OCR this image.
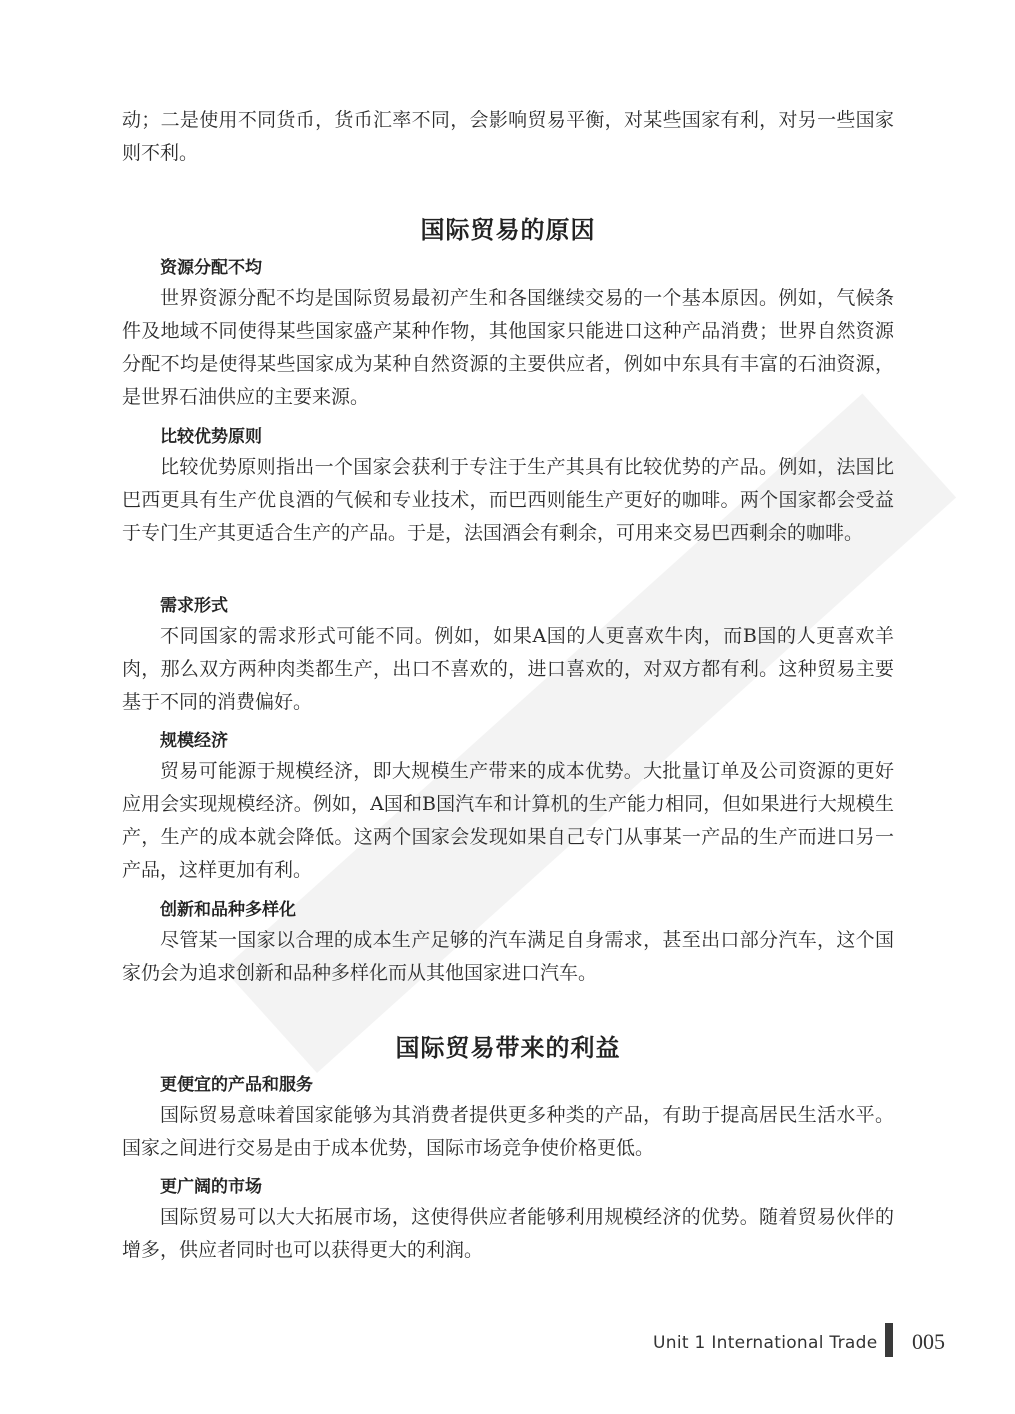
动；二是使用不同货币，货币汇率不同，会影响贸易平衡，对某些国家有利，对另一些国家则不利。

国际贸易的原因
资源分配不均

世界资源分配不均是国际贸易最初产生和各国继续交易的一个基本原因。例如，气候条件及地域不同使得某些国家盛产某种作物，其他国家只能进口这种产品消费；世界自然资源分配不均是使得某些国家成为某种自然资源的主要供应者，例如中东具有丰富的石油资源，是世界石油供应的主要来源。

比较优势原则

比较优势原则指出一个国家会获利于专注于生产其具有比较优势的产品。例如，法国比巴西更具有生产优良酒的气候和专业技术，而巴西则能生产更好的咖啡。两个国家都会受益于专门生产其更适合生产的产品。于是，法国酒会有剩余，可用来交易巴西剩余的咖啡。

需求形式

不同国家的需求形式可能不同。例如，如果A国的人更喜欢牛肉，而B国的人更喜欢羊肉，那么双方两种肉类都生产，出口不喜欢的，进口喜欢的，对双方都有利。这种贸易主要基于不同的消费偏好。

规模经济

贸易可能源于规模经济，即大规模生产带来的成本优势。大批量订单及公司资源的更好应用会实现规模经济。例如，A国和B国汽车和计算机的生产能力相同，但如果进行大规模生产，生产的成本就会降低。这两个国家会发现如果自己专门从事某一产品的生产而进口另一产品，这样更加有利。

创新和品种多样化

尽管某一国家以合理的成本生产足够的汽车满足自身需求，甚至出口部分汽车，这个国家仍会为追求创新和品种多样化而从其他国家进口汽车。

国际贸易带来的利益
更便宜的产品和服务

国际贸易意味着国家能够为其消费者提供更多种类的产品，有助于提高居民生活水平。国家之间进行交易是由于成本优势，国际市场竞争使价格更低。

更广阔的市场

国际贸易可以大大拓展市场，这使得供应者能够利用规模经济的优势。随着贸易伙伴的增多，供应者同时也可以获得更大的利润。

Unit 1 International Trade 005
